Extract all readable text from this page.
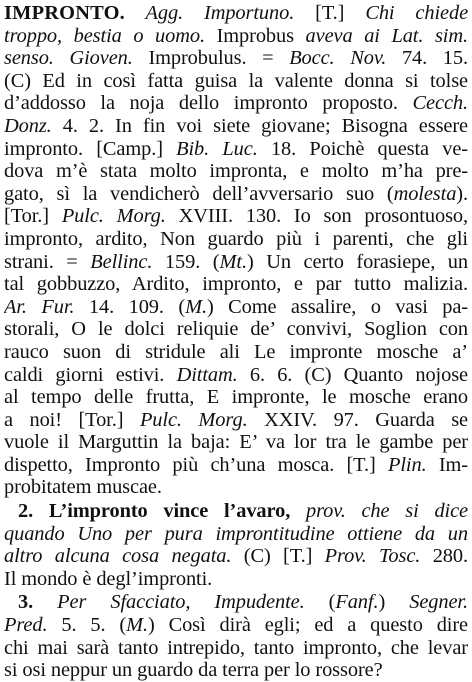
IMPRONTO. Agg. Importuno. [T.] Chi chiede
troppo, bestia o uomo. Improbus aveva ai Lat. sim.
senso. Gioven. Improbulus. = Bocc. Nov. 74. 15.
(C) Ed in così fatta guisa la valente donna si tolse
d’addosso la noja dello impronto proposto. Cecch.
Donz. 4. 2. In fin voi siete giovane; Bisogna essere
impronto. [Camp.] Bib. Luc. 18. Poichè questa ve-
dova m’è stata molto impronta, e molto m’ha pre-
gato, sì la vendicherò dell’avversario suo (molesta).
[Tor.] Pulc. Morg. XVIII. 130. Io son prosontuoso,
impronto, ardito, Non guardo più i parenti, che gli
strani. = Bellinc. 159. (Mt.) Un certo forasiepe, un
tal gobbuzzo, Ardito, impronto, e par tutto malizia.
Ar. Fur. 14. 109. (M.) Come assalire, o vasi pa-
storali, O le dolci reliquie de’ convivi, Soglion con
rauco suon di stridule ali Le impronte mosche a’
caldi giorni estivi. Dittam. 6. 6. (C) Quanto nojose
al tempo delle frutta, E impronte, le mosche erano
a noi! [Tor.] Pulc. Morg. XXIV. 97. Guarda se
vuole il Marguttin la baja: E’ va lor tra le gambe per
dispetto, Impronto più ch’una mosca. [T.] Plin. Im-
probitatem muscae.
2. L’impronto vince l’avaro, prov. che si dice
quando Uno per pura improntitudine ottiene da un
altro alcuna cosa negata. (C) [T.] Prov. Tosc. 280.
Il mondo è degl’impronti.
3. Per Sfacciato, Impudente. (Fanf.) Segner.
Pred. 5. 5. (M.) Così dirà egli; ed a questo dire
chi mai sarà tanto intrepido, tanto impronto, che levar
si osi neppur un guardo da terra per lo rossore?
